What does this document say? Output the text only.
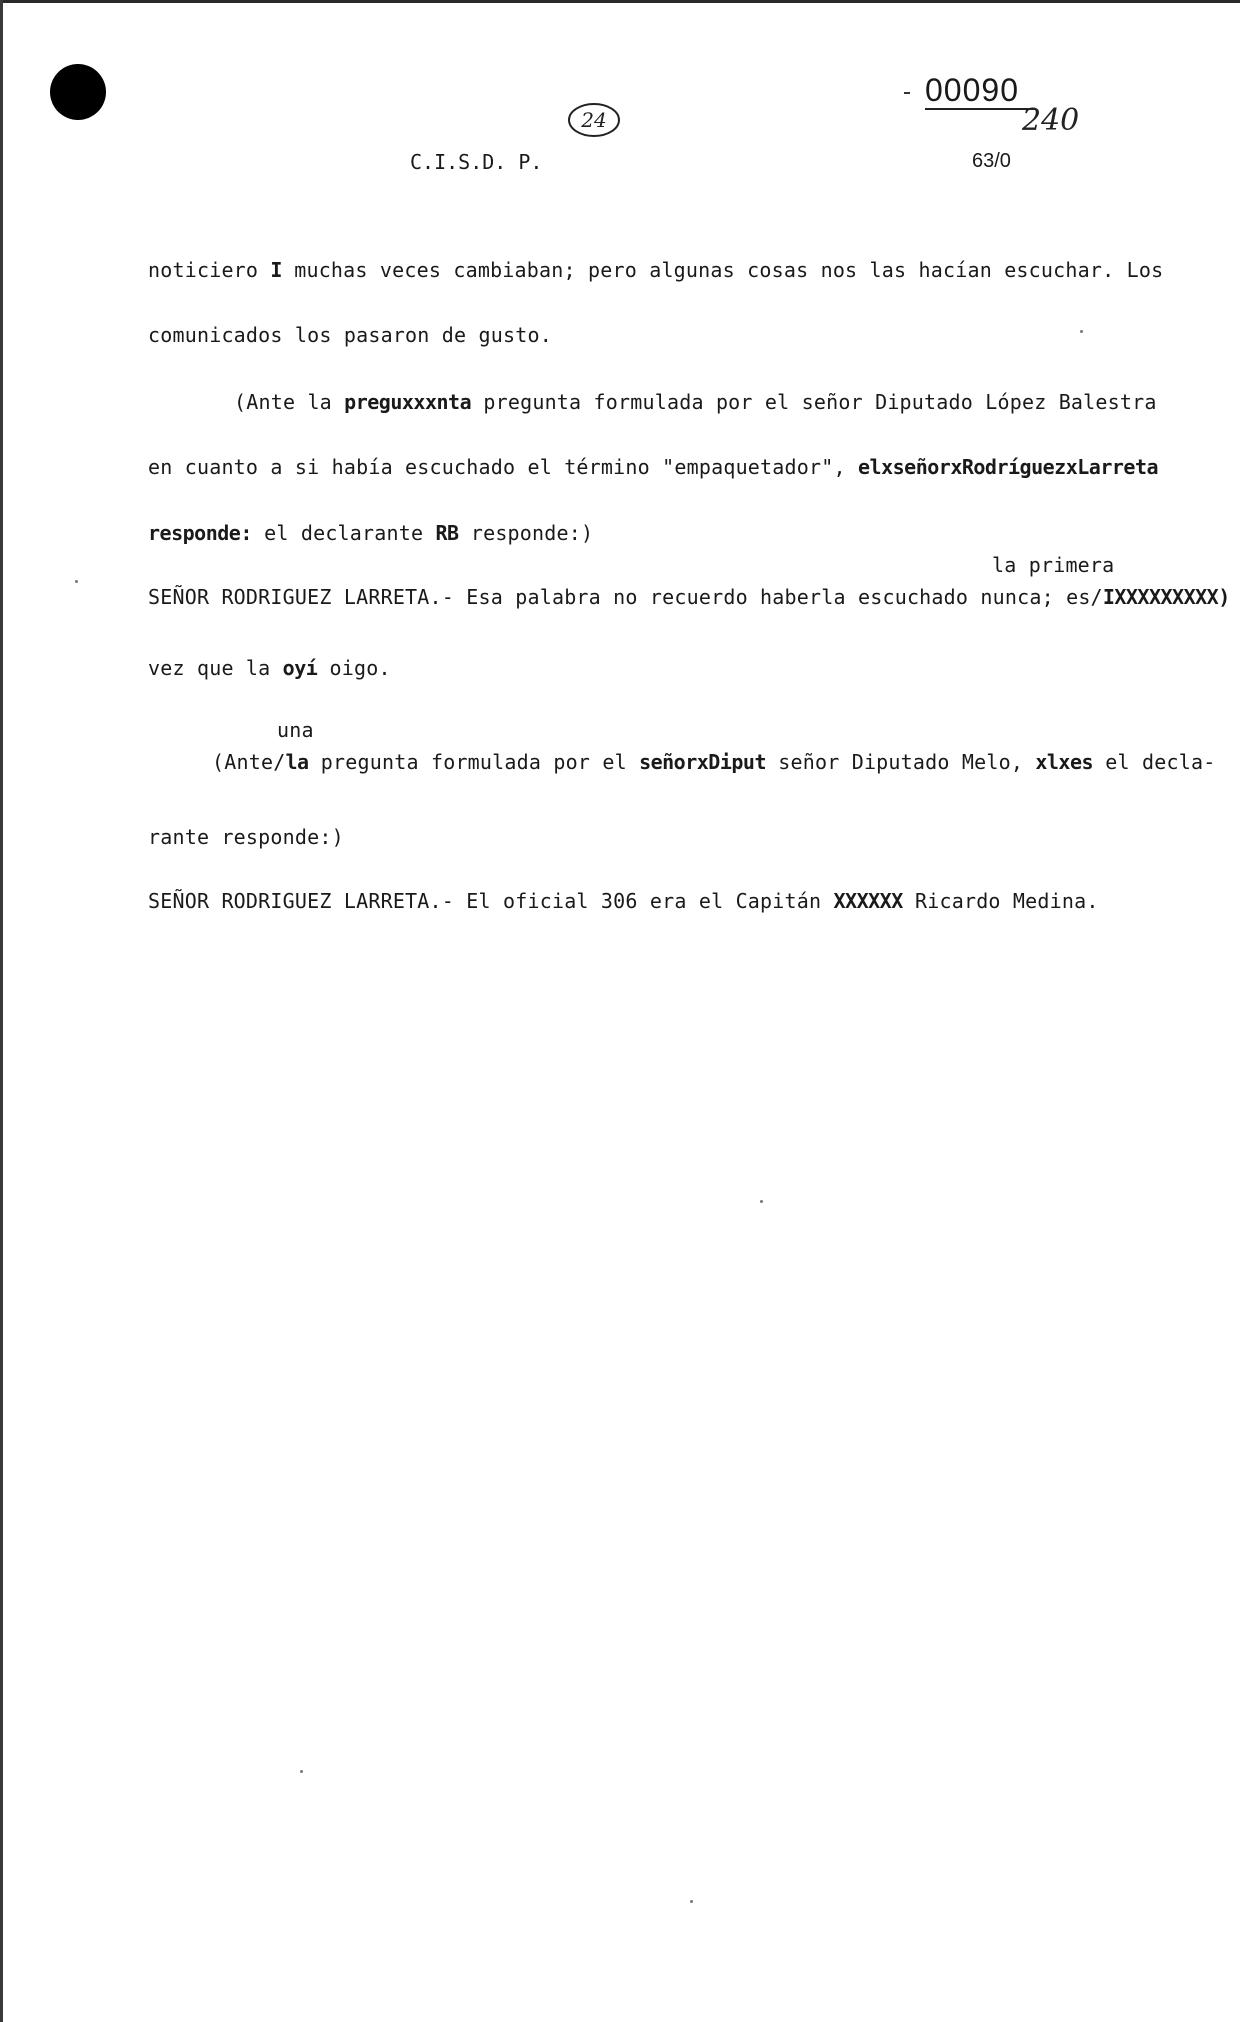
C.I.S.D. P.
00090
63/0
24	240
noticiero I muchas veces cambiaban; pero algunas cosas nos las hacían escuchar. Los
comunicados los pasaron de gusto.
(Ante la preguxxxnta pregunta formulada por el señor Diputado López Balestra
en cuanto a si había escuchado el término "empaquetador", elxseñorxRodríguezxLarreta
responde: el declarante RB responde:)
la primera
SEÑOR RODRIGUEZ LARRETA.- Esa palabra no recuerdo haberla escuchado nunca; es/IXXXXXXXXX)
vez que la oyí oigo.
una
(Ante/la pregunta formulada por el señorxDiput señor Diputado Melo, xlxes el decla-
rante responde:)
SEÑOR RODRIGUEZ LARRETA.- El oficial 306 era el Capitán XXXXXX Ricardo Medina.
